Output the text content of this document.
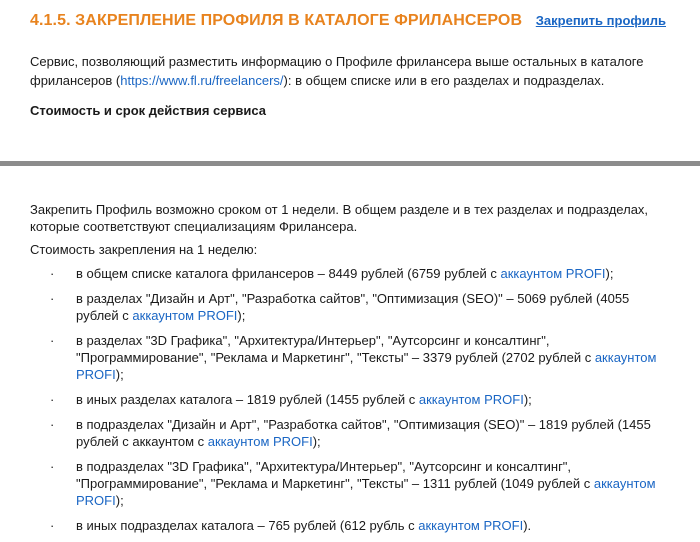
4.1.5. ЗАКРЕПЛЕНИЕ ПРОФИЛЯ В КАТАЛОГЕ ФРИЛАНСЕРОВ Закрепить профиль
Сервис, позволяющий разместить информацию о Профиле фрилансера выше остальных в каталоге фрилансеров (https://www.fl.ru/freelancers/): в общем списке или в его разделах и подразделах.
Стоимость и срок действия сервиса
Закрепить Профиль возможно сроком от 1 недели. В общем разделе и в тех разделах и подразделах, которые соответствуют специализациям Фрилансера.
Стоимость закрепления на 1 неделю:
· в общем списке каталога фрилансеров – 8449 рублей (6759 рублей с аккаунтом PROFI);
· в разделах "Дизайн и Арт", "Разработка сайтов", "Оптимизация (SEO)" – 5069 рублей (4055 рублей с аккаунтом PROFI);
· в разделах "3D Графика", "Архитектура/Интерьер", "Аутсорсинг и консалтинг", "Программирование", "Реклама и Маркетинг", "Тексты" – 3379 рублей (2702 рублей с аккаунтом PROFI);
· в иных разделах каталога – 1819 рублей (1455 рублей с аккаунтом PROFI);
· в подразделах "Дизайн и Арт", "Разработка сайтов", "Оптимизация (SEO)" – 1819 рублей (1455 рублей с аккаунтом с аккаунтом PROFI);
· в подразделах "3D Графика", "Архитектура/Интерьер", "Аутсорсинг и консалтинг", "Программирование", "Реклама и Маркетинг", "Тексты" – 1311 рублей (1049 рублей с аккаунтом PROFI);
· в иных подразделах каталога – 765 рублей (612 рубль с аккаунтом PROFI).
